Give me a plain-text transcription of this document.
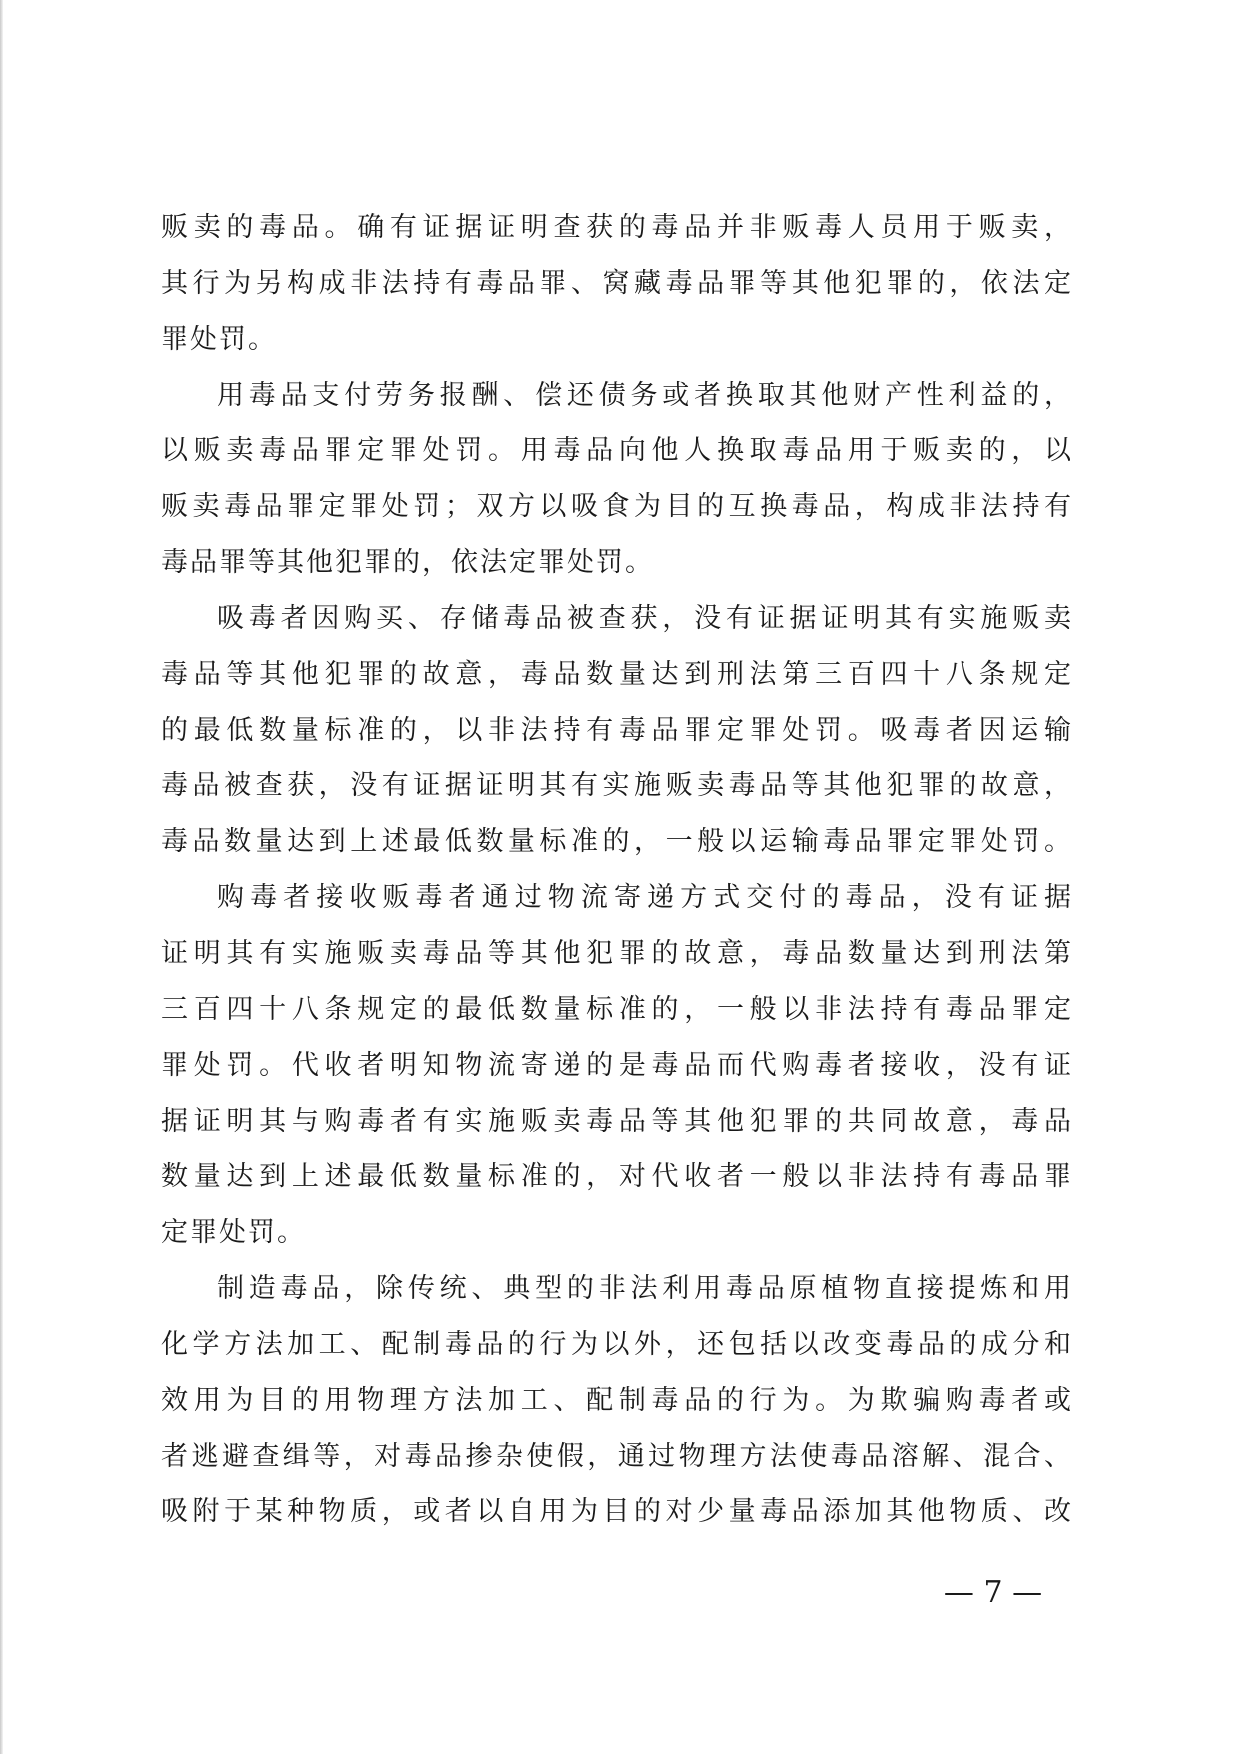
贩卖的毒品。确有证据证明查获的毒品并非贩毒人员用于贩卖，
其行为另构成非法持有毒品罪、窝藏毒品罪等其他犯罪的，依法定
罪处罚。
用毒品支付劳务报酬、偿还债务或者换取其他财产性利益的，
以贩卖毒品罪定罪处罚。用毒品向他人换取毒品用于贩卖的，以
贩卖毒品罪定罪处罚；双方以吸食为目的互换毒品，构成非法持有
毒品罪等其他犯罪的，依法定罪处罚。
吸毒者因购买、存储毒品被查获，没有证据证明其有实施贩卖
毒品等其他犯罪的故意，毒品数量达到刑法第三百四十八条规定
的最低数量标准的，以非法持有毒品罪定罪处罚。吸毒者因运输
毒品被查获，没有证据证明其有实施贩卖毒品等其他犯罪的故意，
毒品数量达到上述最低数量标准的，一般以运输毒品罪定罪处罚。
购毒者接收贩毒者通过物流寄递方式交付的毒品，没有证据
证明其有实施贩卖毒品等其他犯罪的故意，毒品数量达到刑法第
三百四十八条规定的最低数量标准的，一般以非法持有毒品罪定
罪处罚。代收者明知物流寄递的是毒品而代购毒者接收，没有证
据证明其与购毒者有实施贩卖毒品等其他犯罪的共同故意，毒品
数量达到上述最低数量标准的，对代收者一般以非法持有毒品罪
定罪处罚。
制造毒品，除传统、典型的非法利用毒品原植物直接提炼和用
化学方法加工、配制毒品的行为以外，还包括以改变毒品的成分和
效用为目的用物理方法加工、配制毒品的行为。为欺骗购毒者或
者逃避查缉等，对毒品掺杂使假，通过物理方法使毒品溶解、混合、
吸附于某种物质，或者以自用为目的对少量毒品添加其他物质、改
— 7 —
